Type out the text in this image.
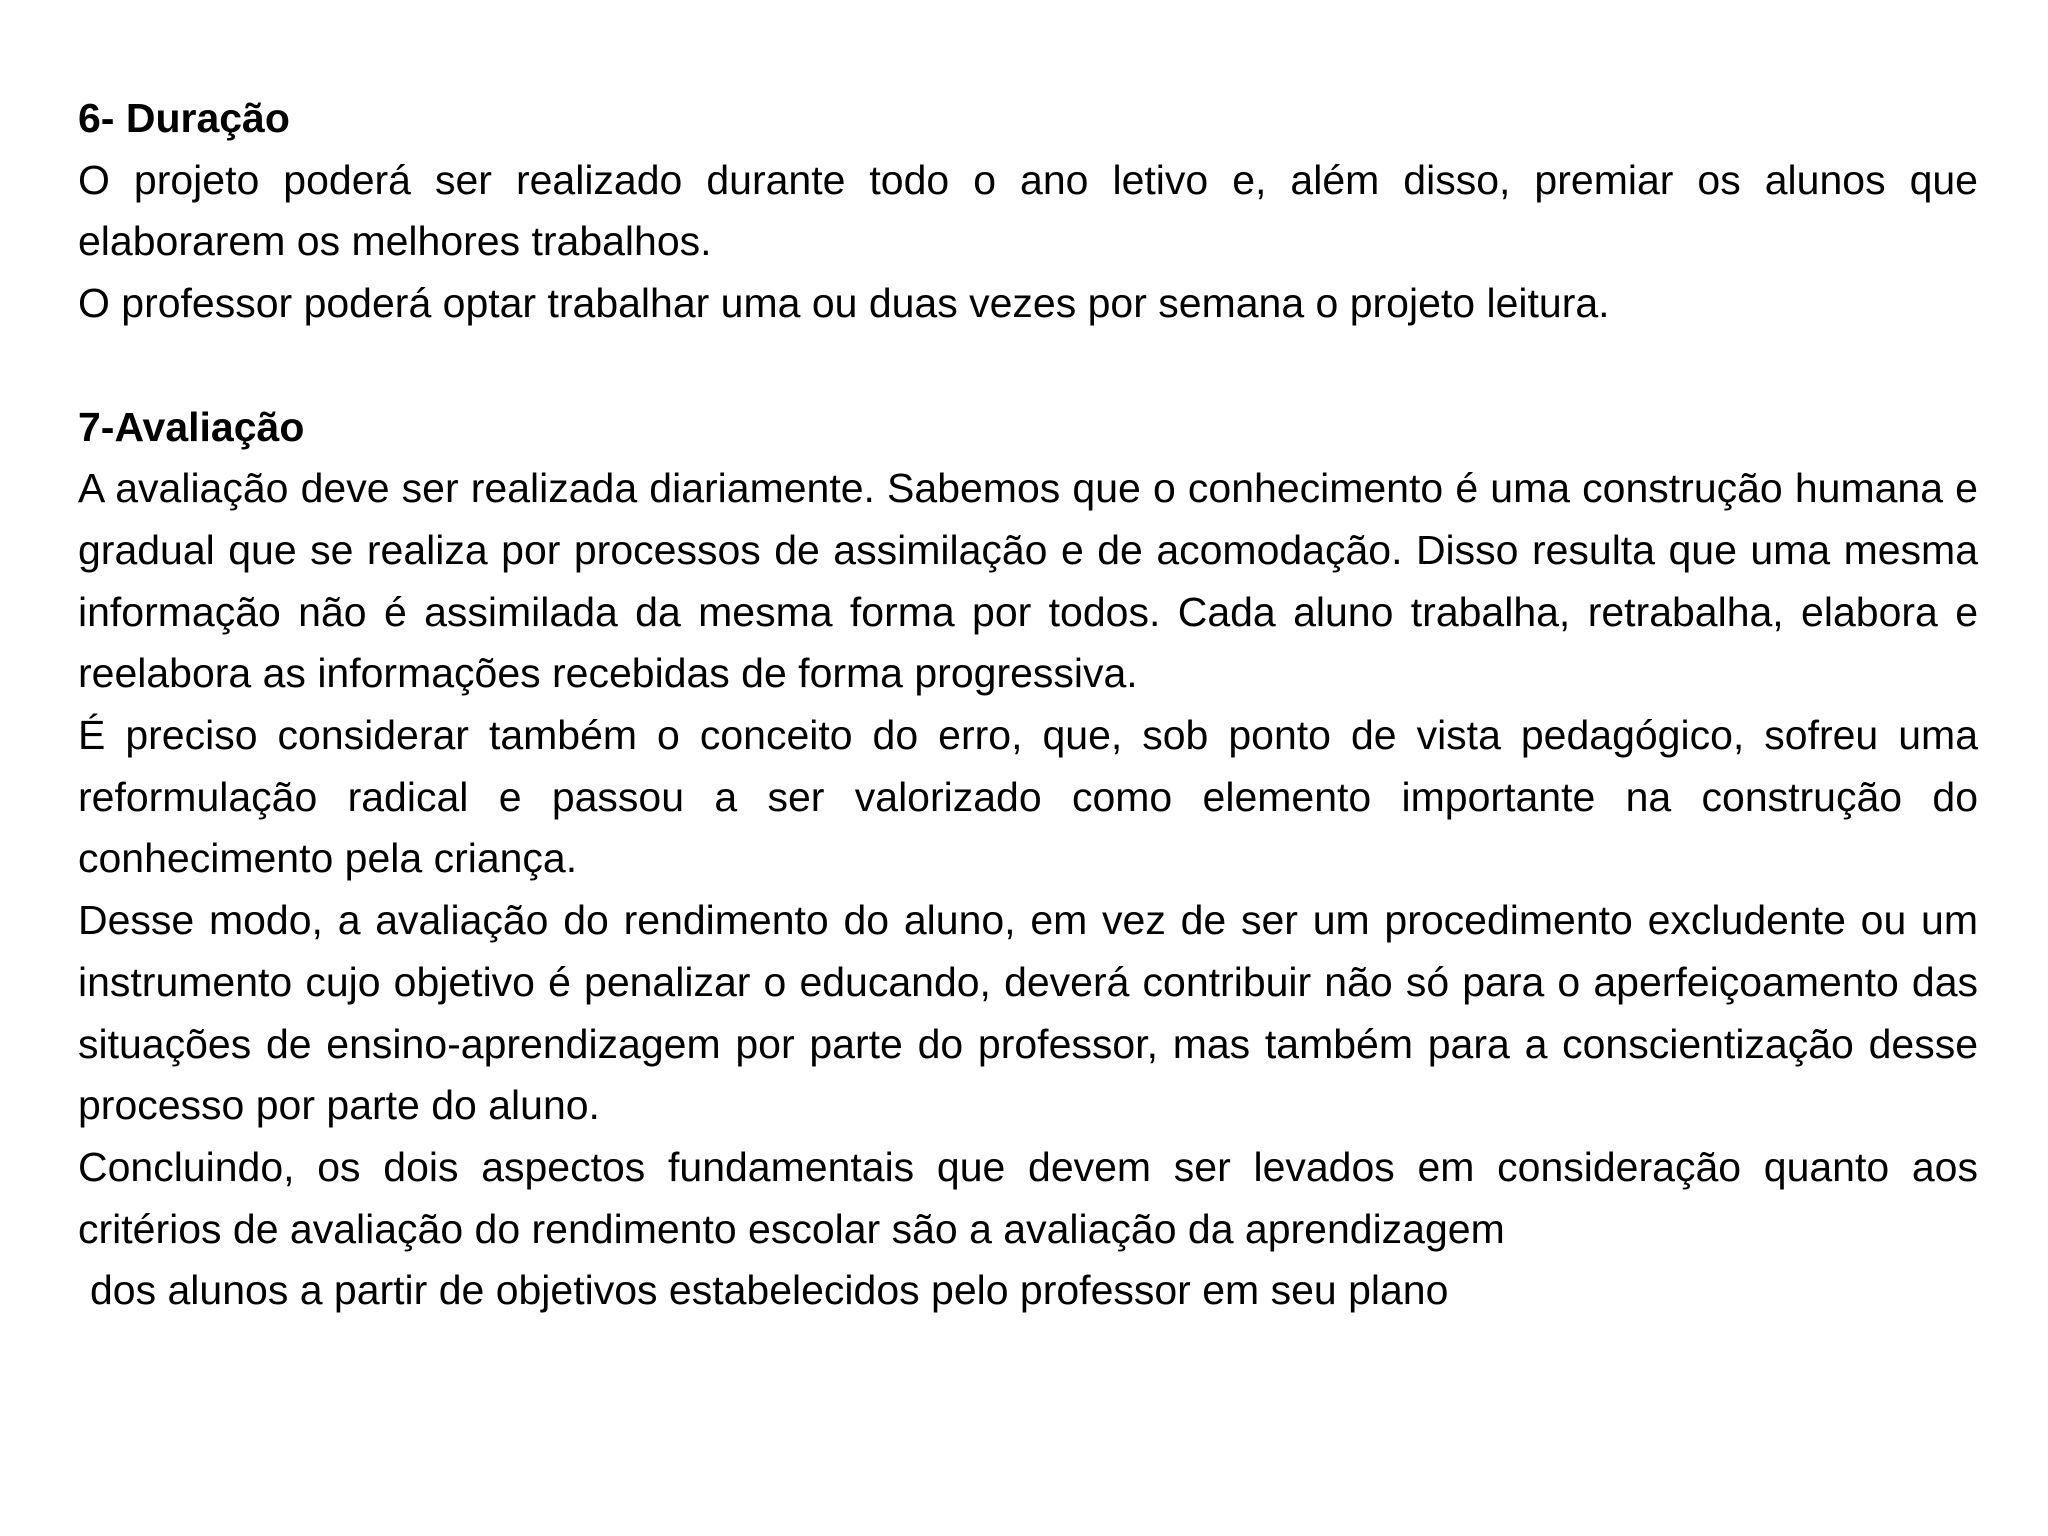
6- Duração

O projeto poderá ser realizado durante todo o ano letivo e, além disso, premiar os alunos que elaborarem os melhores trabalhos.

O professor poderá optar trabalhar uma ou duas vezes por semana o projeto leitura.

7-Avaliação

A avaliação deve ser realizada diariamente. Sabemos que o conhecimento é uma construção humana e gradual que se realiza por processos de assimilação e de acomodação. Disso resulta que uma mesma informação não é assimilada da mesma forma por todos. Cada aluno trabalha, retrabalha, elabora e reelabora as informações recebidas de forma progressiva.

É preciso considerar também o conceito do erro, que, sob ponto de vista pedagógico, sofreu uma reformulação radical e passou a ser valorizado como elemento importante na construção do conhecimento pela criança.

Desse modo, a avaliação do rendimento do aluno, em vez de ser um procedimento excludente ou um instrumento cujo objetivo é penalizar o educando, deverá contribuir não só para o aperfeiçoamento das situações de ensino-aprendizagem por parte do professor, mas também para a conscientização desse processo por parte do aluno.

Concluindo, os dois aspectos fundamentais que devem ser levados em consideração quanto aos critérios de avaliação do rendimento escolar são a avaliação da aprendizagem

dos alunos a partir de objetivos estabelecidos pelo professor em seu plano
